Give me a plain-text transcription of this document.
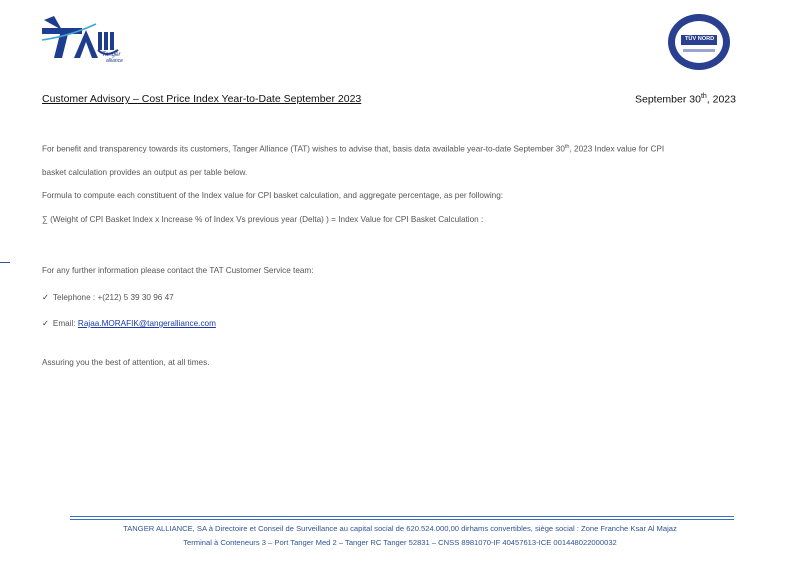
Tanger
alliance
TÜV NORD
Customer Advisory – Cost Price Index Year-to-Date September 2023	September 30th, 2023
For benefit and transparency towards its customers, Tanger Alliance (TAT) wishes to advise that, basis data available year-to-date September 30th, 2023 Index value for CPI
basket calculation provides an output as per table below.
Formula to compute each constituent of the Index value for CPI basket calculation, and aggregate percentage, as per following:
∑ (Weight of CPI Basket Index x Increase % of Index Vs previous year (Delta) ) = Index Value for CPI Basket Calculation :
For any further information please contact the TAT Customer Service team:
✓ Telephone : +(212) 5 39 30 96 47
✓ Email: Rajaa.MORAFIK@tangeralliance.com
Assuring you the best of attention, at all times.
TANGER ALLIANCE, SA à Directoire et Conseil de Surveillance au capital social de 620.524.000,00 dirhams convertibles, siège social : Zone Franche Ksar Al Majaz
Terminal à Conteneurs 3 – Port Tanger Med 2 – Tanger RC Tanger 52831 – CNSS 8981070-IF 40457613-ICE 001448022000032
